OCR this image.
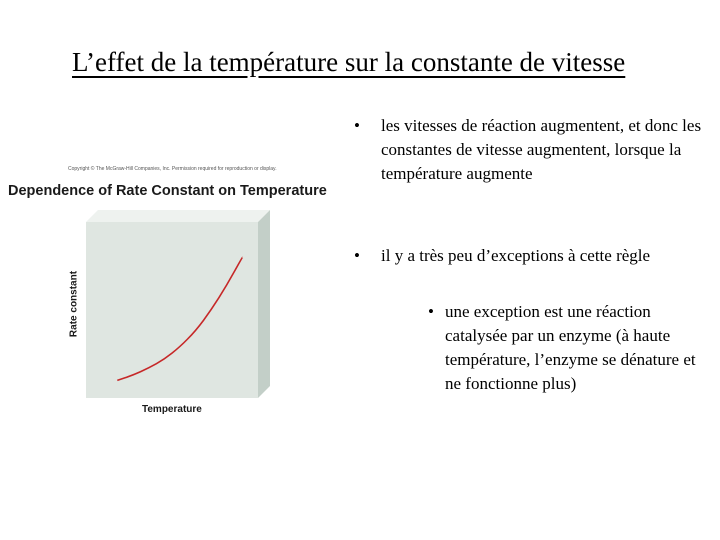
L’effet de la température sur la constante de vitesse
Copyright © The McGraw-Hill Companies, Inc. Permission required for reproduction or display.
Dependence of Rate Constant on Temperature
Rate constant
Temperature
• les vitesses de réaction augmentent, et donc les constantes de vitesse augmentent, lorsque la température augmente
• il y a très peu d’exceptions à cette règle
• une exception est une réaction catalysée par un enzyme (à haute température, l’enzyme se dénature et ne fonctionne plus)
